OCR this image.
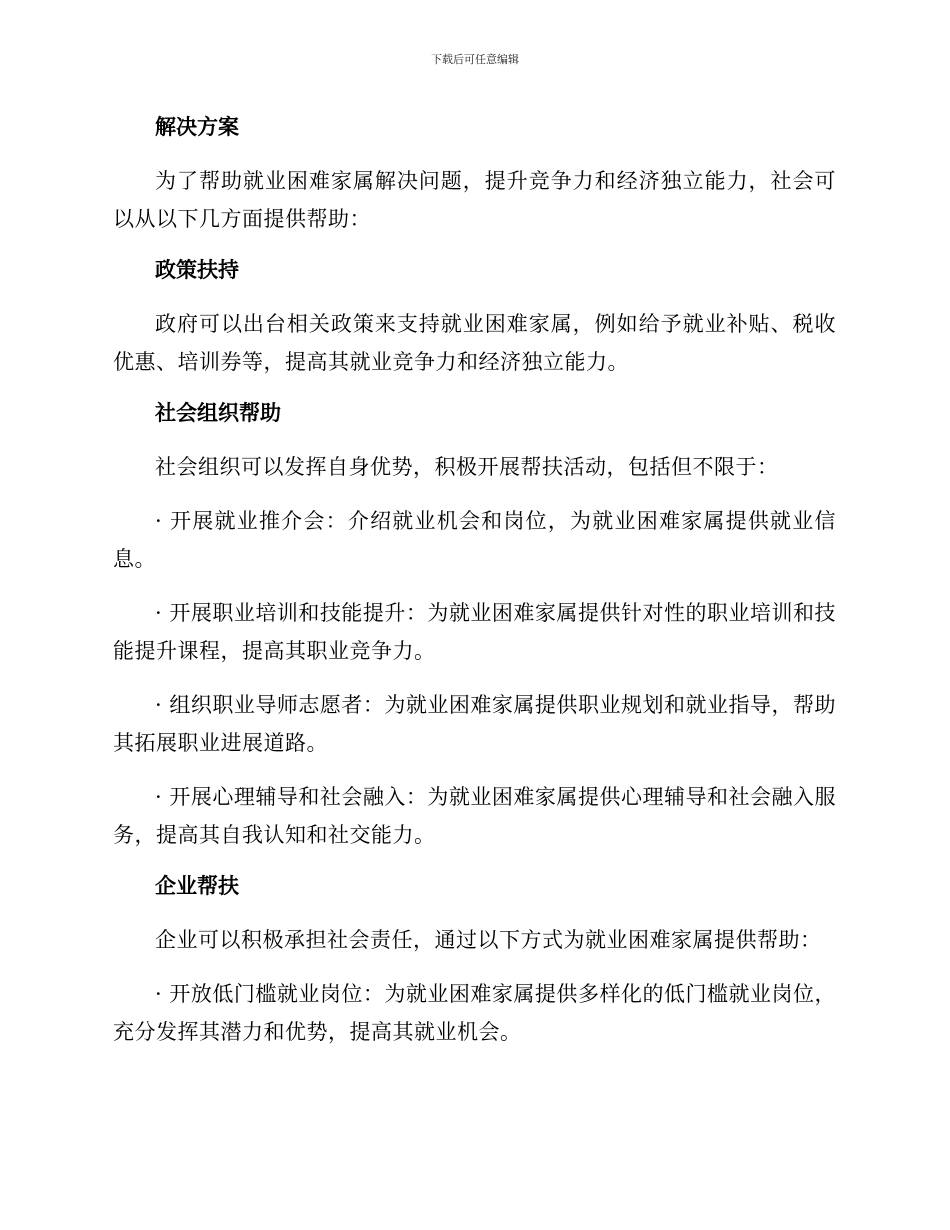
下载后可任意编辑
解决方案

为了帮助就业困难家属解决问题，提升竞争力和经济独立能力，社会可以从以下几方面提供帮助：

政策扶持

政府可以出台相关政策来支持就业困难家属，例如给予就业补贴、税收优惠、培训券等，提高其就业竞争力和经济独立能力。

社会组织帮助

社会组织可以发挥自身优势，积极开展帮扶活动，包括但不限于：

· 开展就业推介会：介绍就业机会和岗位，为就业困难家属提供就业信息。

· 开展职业培训和技能提升：为就业困难家属提供针对性的职业培训和技能提升课程，提高其职业竞争力。

· 组织职业导师志愿者：为就业困难家属提供职业规划和就业指导，帮助其拓展职业进展道路。

· 开展心理辅导和社会融入：为就业困难家属提供心理辅导和社会融入服务，提高其自我认知和社交能力。

企业帮扶

企业可以积极承担社会责任，通过以下方式为就业困难家属提供帮助：

· 开放低门槛就业岗位：为就业困难家属提供多样化的低门槛就业岗位，充分发挥其潜力和优势，提高其就业机会。
